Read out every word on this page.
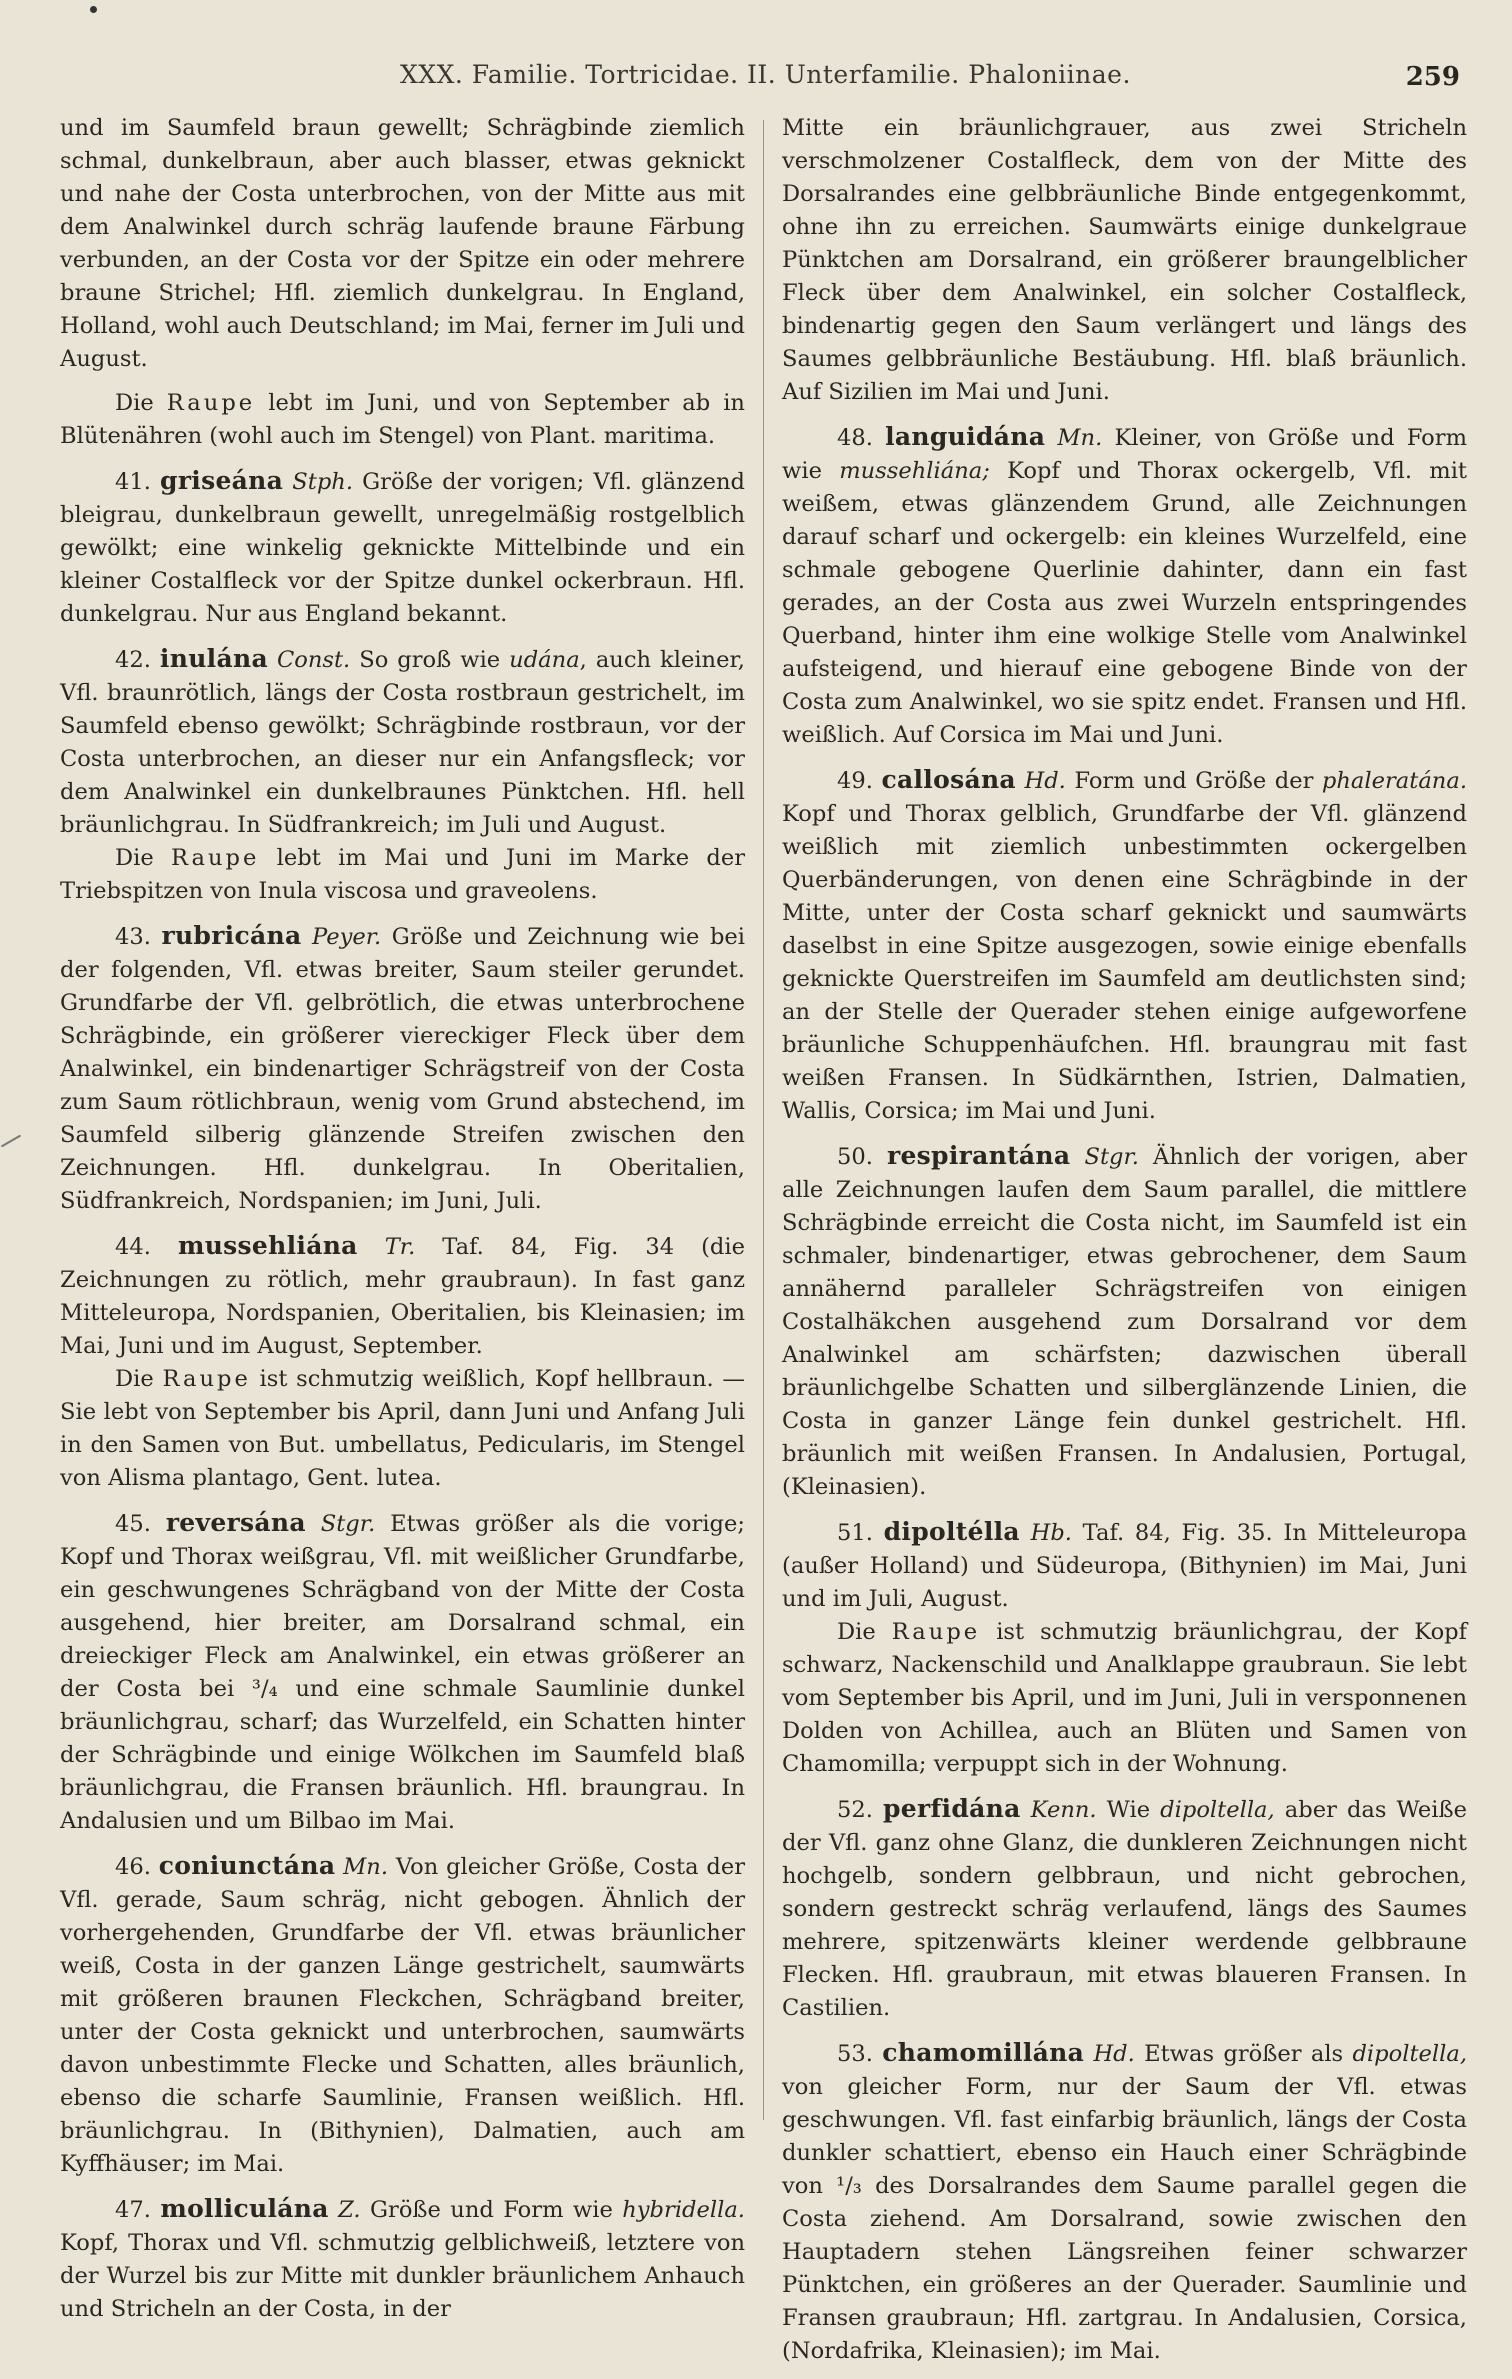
XXX. Familie. Tortricidae. II. Unterfamilie. Phaloniinae.	259

und im Saumfeld braun gewellt; Schrägbinde ziemlich schmal, dunkelbraun, aber auch blasser, etwas geknickt und nahe der Costa unterbrochen, von der Mitte aus mit dem Analwinkel durch schräg laufende braune Färbung verbunden, an der Costa vor der Spitze ein oder mehrere braune Strichel; Hfl. ziemlich dunkelgrau. In England, Holland, wohl auch Deutschland; im Mai, ferner im Juli und August.

Die Raupe lebt im Juni, und von September ab in Blütenähren (wohl auch im Stengel) von Plant. maritima.

41. griseána Stph. Größe der vorigen; Vfl. glänzend bleigrau, dunkelbraun gewellt, unregelmäßig rostgelblich gewölkt; eine winkelig geknickte Mittelbinde und ein kleiner Costalfleck vor der Spitze dunkel ockerbraun. Hfl. dunkelgrau. Nur aus England bekannt.

42. inulána Const. So groß wie udána, auch kleiner, Vfl. braunrötlich, längs der Costa rostbraun gestrichelt, im Saumfeld ebenso gewölkt; Schrägbinde rostbraun, vor der Costa unterbrochen, an dieser nur ein Anfangsfleck; vor dem Analwinkel ein dunkelbraunes Pünktchen. Hfl. hell bräunlichgrau. In Südfrankreich; im Juli und August.

Die Raupe lebt im Mai und Juni im Marke der Triebspitzen von Inula viscosa und graveolens.

43. rubricána Peyer. Größe und Zeichnung wie bei der folgenden, Vfl. etwas breiter, Saum steiler gerundet. Grundfarbe der Vfl. gelbrötlich, die etwas unterbrochene Schrägbinde, ein größerer viereckiger Fleck über dem Analwinkel, ein bindenartiger Schrägstreif von der Costa zum Saum rötlichbraun, wenig vom Grund abstechend, im Saumfeld silberig glänzende Streifen zwischen den Zeichnungen. Hfl. dunkelgrau. In Oberitalien, Südfrankreich, Nordspanien; im Juni, Juli.

44. mussehliána Tr. Taf. 84, Fig. 34 (die Zeichnungen zu rötlich, mehr graubraun). In fast ganz Mitteleuropa, Nordspanien, Oberitalien, bis Kleinasien; im Mai, Juni und im August, September.

Die Raupe ist schmutzig weißlich, Kopf hellbraun. — Sie lebt von September bis April, dann Juni und Anfang Juli in den Samen von But. umbellatus, Pedicularis, im Stengel von Alisma plantago, Gent. lutea.

45. reversána Stgr. Etwas größer als die vorige; Kopf und Thorax weißgrau, Vfl. mit weißlicher Grundfarbe, ein geschwungenes Schrägband von der Mitte der Costa ausgehend, hier breiter, am Dorsalrand schmal, ein dreieckiger Fleck am Analwinkel, ein etwas größerer an der Costa bei ³/₄ und eine schmale Saumlinie dunkel bräunlichgrau, scharf; das Wurzelfeld, ein Schatten hinter der Schrägbinde und einige Wölkchen im Saumfeld blaß bräunlichgrau, die Fransen bräunlich. Hfl. braungrau. In Andalusien und um Bilbao im Mai.

46. coniunctána Mn. Von gleicher Größe, Costa der Vfl. gerade, Saum schräg, nicht gebogen. Ähnlich der vorhergehenden, Grundfarbe der Vfl. etwas bräunlicher weiß, Costa in der ganzen Länge gestrichelt, saumwärts mit größeren braunen Fleckchen, Schrägband breiter, unter der Costa geknickt und unterbrochen, saumwärts davon unbestimmte Flecke und Schatten, alles bräunlich, ebenso die scharfe Saumlinie, Fransen weißlich. Hfl. bräunlichgrau. In (Bithynien), Dalmatien, auch am Kyffhäuser; im Mai.

47. molliculána Z. Größe und Form wie hybridella. Kopf, Thorax und Vfl. schmutzig gelblichweiß, letztere von der Wurzel bis zur Mitte mit dunkler bräunlichem Anhauch und Stricheln an der Costa, in der

Mitte ein bräunlichgrauer, aus zwei Stricheln verschmolzener Costalfleck, dem von der Mitte des Dorsalrandes eine gelbbräunliche Binde entgegenkommt, ohne ihn zu erreichen. Saumwärts einige dunkelgraue Pünktchen am Dorsalrand, ein größerer braungelblicher Fleck über dem Analwinkel, ein solcher Costalfleck, bindenartig gegen den Saum verlängert und längs des Saumes gelbbräunliche Bestäubung. Hfl. blaß bräunlich. Auf Sizilien im Mai und Juni.

48. languidána Mn. Kleiner, von Größe und Form wie mussehliána; Kopf und Thorax ockergelb, Vfl. mit weißem, etwas glänzendem Grund, alle Zeichnungen darauf scharf und ockergelb: ein kleines Wurzelfeld, eine schmale gebogene Querlinie dahinter, dann ein fast gerades, an der Costa aus zwei Wurzeln entspringendes Querband, hinter ihm eine wolkige Stelle vom Analwinkel aufsteigend, und hierauf eine gebogene Binde von der Costa zum Analwinkel, wo sie spitz endet. Fransen und Hfl. weißlich. Auf Corsica im Mai und Juni.

49. callosána Hd. Form und Größe der phaleratána. Kopf und Thorax gelblich, Grundfarbe der Vfl. glänzend weißlich mit ziemlich unbestimmten ockergelben Querbänderungen, von denen eine Schrägbinde in der Mitte, unter der Costa scharf geknickt und saumwärts daselbst in eine Spitze ausgezogen, sowie einige ebenfalls geknickte Querstreifen im Saumfeld am deutlichsten sind; an der Stelle der Querader stehen einige aufgeworfene bräunliche Schuppenhäufchen. Hfl. braungrau mit fast weißen Fransen. In Südkärnthen, Istrien, Dalmatien, Wallis, Corsica; im Mai und Juni.

50. respirantána Stgr. Ähnlich der vorigen, aber alle Zeichnungen laufen dem Saum parallel, die mittlere Schrägbinde erreicht die Costa nicht, im Saumfeld ist ein schmaler, bindenartiger, etwas gebrochener, dem Saum annähernd paralleler Schrägstreifen von einigen Costalhäkchen ausgehend zum Dorsalrand vor dem Analwinkel am schärfsten; dazwischen überall bräunlichgelbe Schatten und silberglänzende Linien, die Costa in ganzer Länge fein dunkel gestrichelt. Hfl. bräunlich mit weißen Fransen. In Andalusien, Portugal, (Kleinasien).

51. dipoltélla Hb. Taf. 84, Fig. 35. In Mitteleuropa (außer Holland) und Südeuropa, (Bithynien) im Mai, Juni und im Juli, August.

Die Raupe ist schmutzig bräunlichgrau, der Kopf schwarz, Nackenschild und Analklappe graubraun. Sie lebt vom September bis April, und im Juni, Juli in versponnenen Dolden von Achillea, auch an Blüten und Samen von Chamomilla; verpuppt sich in der Wohnung.

52. perfidána Kenn. Wie dipoltella, aber das Weiße der Vfl. ganz ohne Glanz, die dunkleren Zeichnungen nicht hochgelb, sondern gelbbraun, und nicht gebrochen, sondern gestreckt schräg verlaufend, längs des Saumes mehrere, spitzenwärts kleiner werdende gelbbraune Flecken. Hfl. graubraun, mit etwas blaueren Fransen. In Castilien.

53. chamomillána Hd. Etwas größer als dipoltella, von gleicher Form, nur der Saum der Vfl. etwas geschwungen. Vfl. fast einfarbig bräunlich, längs der Costa dunkler schattiert, ebenso ein Hauch einer Schrägbinde von ¹/₃ des Dorsalrandes dem Saume parallel gegen die Costa ziehend. Am Dorsalrand, sowie zwischen den Hauptadern stehen Längsreihen feiner schwarzer Pünktchen, ein größeres an der Querader. Saumlinie und Fransen graubraun; Hfl. zartgrau. In Andalusien, Corsica, (Nordafrika, Kleinasien); im Mai.
